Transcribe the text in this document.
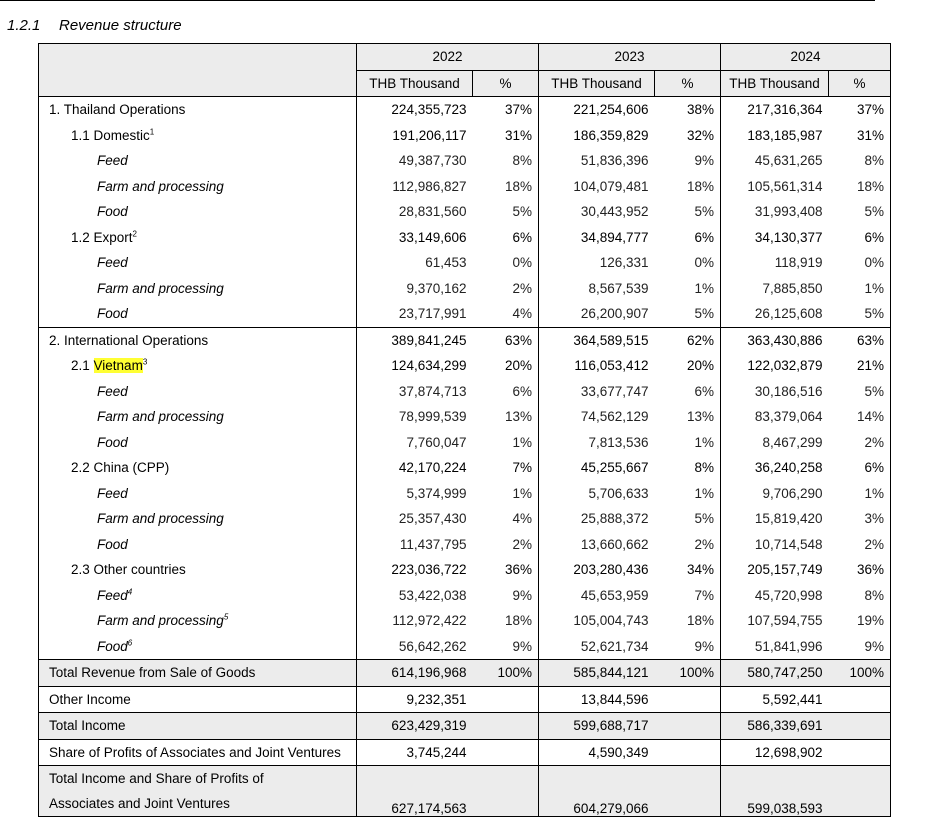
1.2.1 Revenue structure
	2022		2023		2024	
	THB Thousand	%	THB Thousand	%	THB Thousand	%
1. Thailand Operations	224,355,723	37%	221,254,606	38%	217,316,364	37%
1.1 Domestic$^1$	191,206,117	31%	186,359,829	32%	183,185,987	31%
Feed	49,387,730	8%	51,836,396	9%	45,631,265	8%
Farm and processing	112,986,827	18%	104,079,481	18%	105,561,314	18%
Food	28,831,560	5%	30,443,952	5%	31,993,408	5%
1.2 Export$^2$	33,149,606	6%	34,894,777	6%	34,130,377	6%
Feed	61,453	0%	126,331	0%	118,919	0%
Farm and processing	9,370,162	2%	8,567,539	1%	7,885,850	1%
Food	23,717,991	4%	26,200,907	5%	26,125,608	5%
2. International Operations	389,841,245	63%	364,589,515	62%	363,430,886	63%
2.1 Vietnam$^3$	124,634,299	20%	116,053,412	20%	122,032,879	21%
Feed	37,874,713	6%	33,677,747	6%	30,186,516	5%
Farm and processing	78,999,539	13%	74,562,129	13%	83,379,064	14%
Food	7,760,047	1%	7,813,536	1%	8,467,299	2%
2.2 China (CPP)	42,170,224	7%	45,255,667	8%	36,240,258	6%
Feed	5,374,999	1%	5,706,633	1%	9,706,290	1%
Farm and processing	25,357,430	4%	25,888,372	5%	15,819,420	3%
Food	11,437,795	2%	13,660,662	2%	10,714,548	2%
2.3 Other countries	223,036,722	36%	203,280,436	34%	205,157,749	36%
Feed$^4$	53,422,038	9%	45,653,959	7%	45,720,998	8%
Farm and processing$^5$	112,972,422	18%	105,004,743	18%	107,594,755	19%
Food$^6$	56,642,262	9%	52,621,734	9%	51,841,996	9%
Total Revenue from Sale of Goods	614,196,968	100%	585,844,121	100%	580,747,250	100%
Other Income	9,232,351		13,844,596		5,592,441	
Total Income	623,429,319		599,688,717		586,339,691	
Share of Profits of Associates and Joint Ventures	3,745,244		4,590,349		12,698,902	

Total Income and Share of Profits of
Associates and Joint Ventures	627,174,563		604,279,066		599,038,593	
